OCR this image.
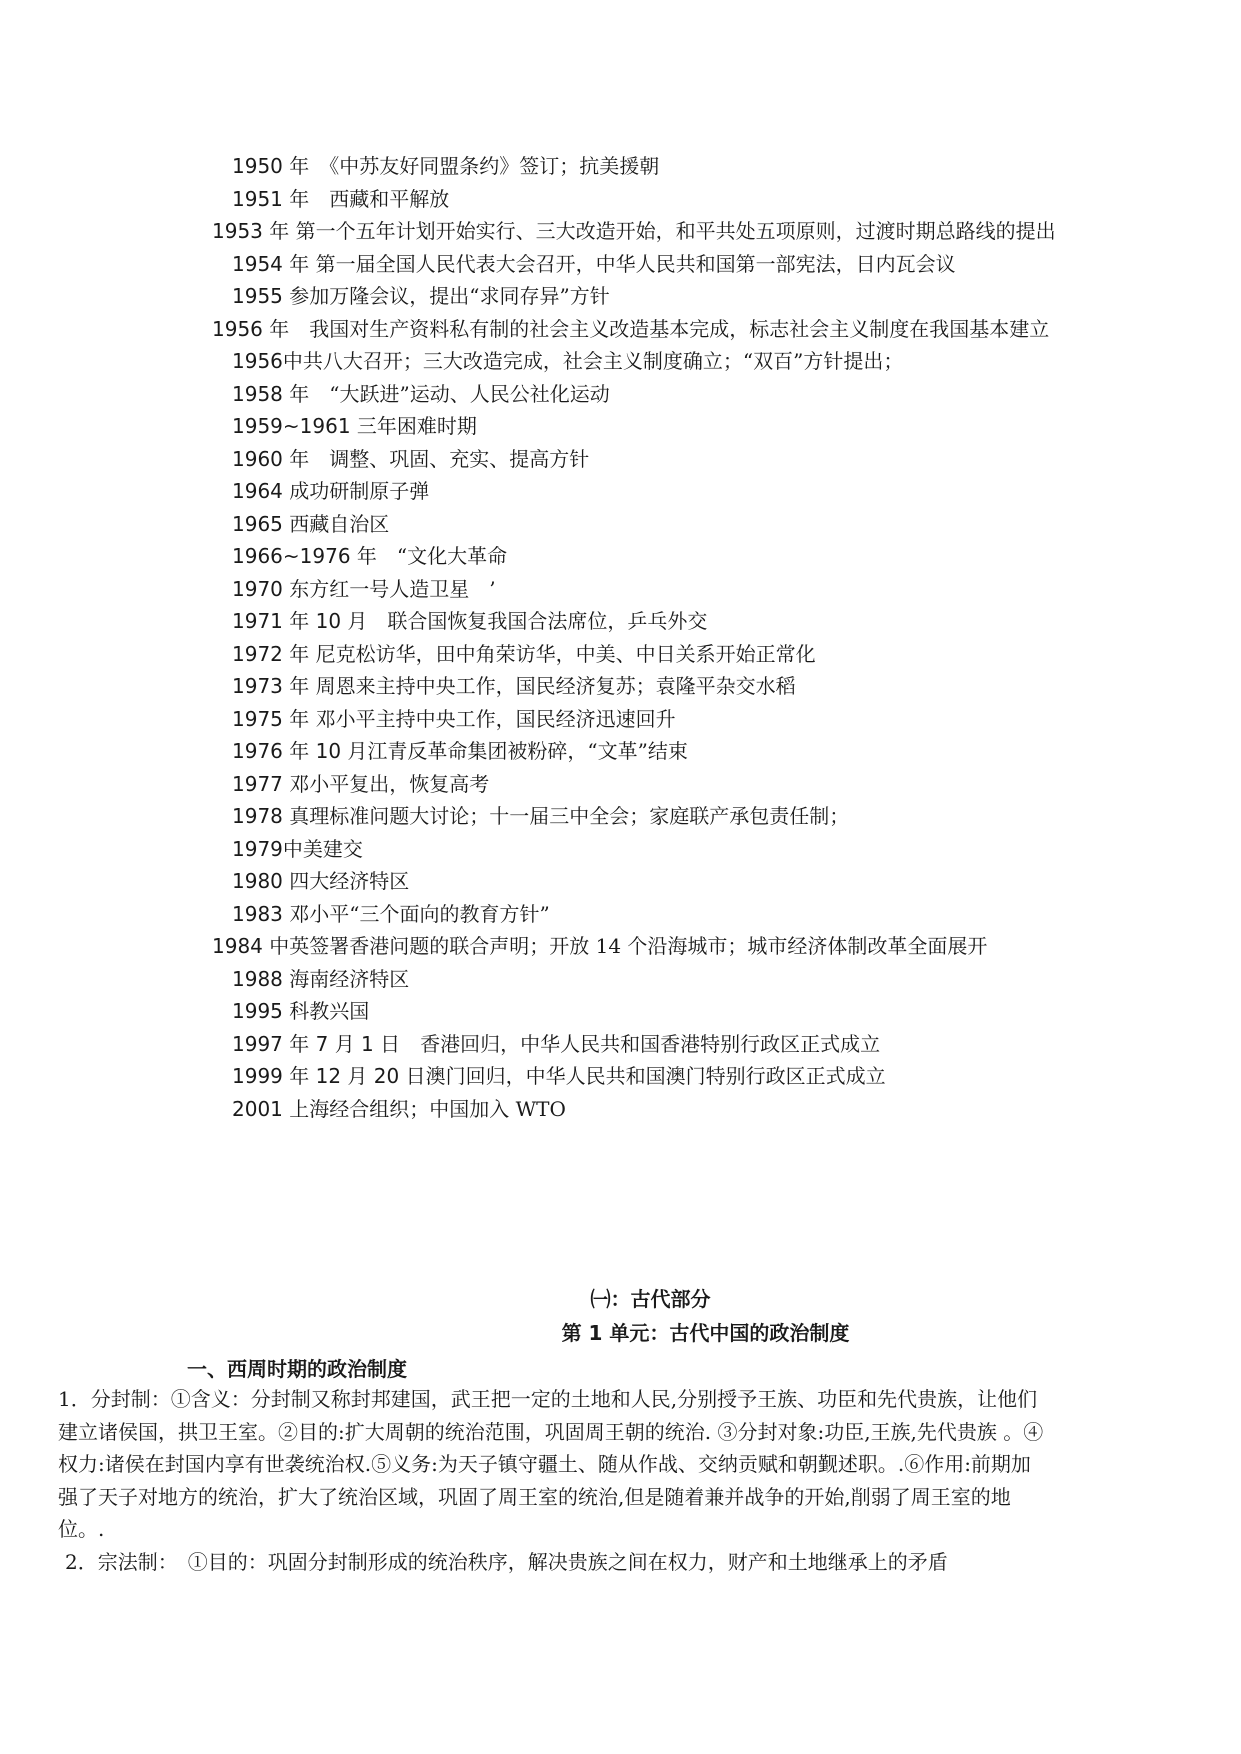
1950 年　《中苏友好同盟条约》签订；抗美援朝
1951 年　西藏和平解放
1953 年 第一个五年计划开始实行、三大改造开始，和平共处五项原则，过渡时期总路线的提出
1954 年 第一届全国人民代表大会召开，中华人民共和国第一部宪法，日内瓦会议
1955 参加万隆会议，提出“求同存异”方针
1956 年　我国对生产资料私有制的社会主义改造基本完成，标志社会主义制度在我国基本建立
1956中共八大召开；三大改造完成，社会主义制度确立；“双百”方针提出；
1958 年　“大跃进”运动、人民公社化运动
1959~1961 三年困难时期
1960 年　调整、巩固、充实、提高方针
1964 成功研制原子弹
1965 西藏自治区
1966~1976 年　“文化大革命
1970 东方红一号人造卫星　’
1971 年 10 月　联合国恢复我国合法席位，乒乓外交
1972 年 尼克松访华，田中角荣访华，中美、中日关系开始正常化
1973 年 周恩来主持中央工作，国民经济复苏；袁隆平杂交水稻
1975 年 邓小平主持中央工作，国民经济迅速回升
1976 年 10 月江青反革命集团被粉碎，“文革”结束
1977 邓小平复出，恢复高考
1978 真理标准问题大讨论；十一届三中全会；家庭联产承包责任制；
1979中美建交
1980 四大经济特区
1983 邓小平“三个面向的教育方针”
1984 中英签署香港问题的联合声明；开放 14 个沿海城市；城市经济体制改革全面展开
1988 海南经济特区
1995 科教兴国
1997 年 7 月 1 日　香港回归，中华人民共和国香港特别行政区正式成立
1999 年 12 月 20 日澳门回归，中华人民共和国澳门特别行政区正式成立
2001 上海经合组织；中国加入 WTO
㈠：古代部分
第 1 单元：古代中国的政治制度
一、西周时期的政治制度
1．分封制：①含义：分封制又称封邦建国，武王把一定的土地和人民,分别授予王族、功臣和先代贵族，让他们建立诸侯国，拱卫王室。②目的:扩大周朝的统治范围，巩固周王朝的统治. ③分封对象:功臣,王族,先代贵族 。④权力:诸侯在封国内享有世袭统治权.⑤义务:为天子镇守疆土、随从作战、交纳贡赋和朝觐述职。.⑥作用:前期加强了天子对地方的统治，扩大了统治区域，巩固了周王室的统治,但是随着兼并战争的开始,削弱了周王室的地位。.
2．宗法制：　①目的：巩固分封制形成的统治秩序，解决贵族之间在权力，财产和土地继承上的矛盾
